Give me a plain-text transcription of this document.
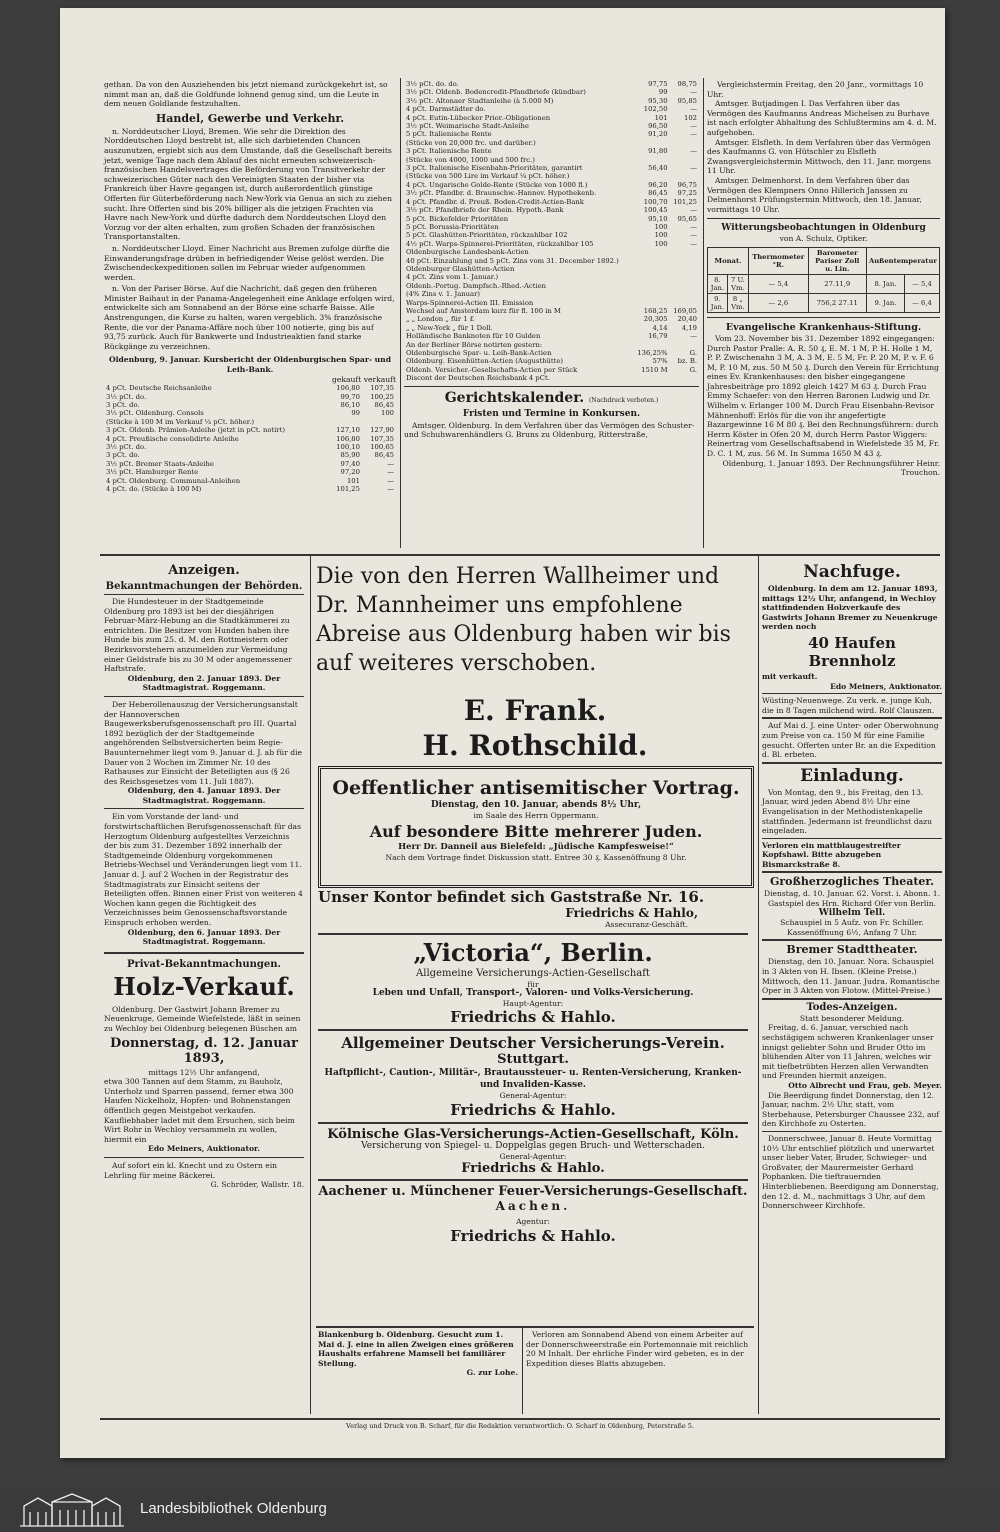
gethan. Da von den Ausziehenden bis jetzt niemand zurückgekehrt ist, so nimmt man an, daß die Goldfunde lohnend genug sind, um die Leute in dem neuen Goldlande festzuhalten.

Handel, Gewerbe und Verkehr.

n. Norddeutscher Lloyd, Bremen. Wie sehr die Direktion des Norddeutschen Lloyd bestrebt ist, alle sich darbietenden Chancen auszunutzen, ergiebt sich aus dem Umstande, daß die Gesellschaft bereits jetzt, wenige Tage nach dem Ablauf des nicht erneuten schweizerisch-französischen Handelsvertrages die Beförderung von Transitverkehr der schweizerischen Güter nach den Vereinigten Staaten der bisher via Frankreich über Havre gegangen ist, durch außerordentlich günstige Offerten für Güterbeförderung nach New-York via Genua an sich zu ziehen sucht. Ihre Offerten sind bis 20% billiger als die jetzigen Frachten via Havre nach New-York und dürfte dadurch dem Norddeutschen Lloyd den Vorzug vor der alten erhalten, zum großen Schaden der französischen Transportanstalten.

n. Norddeutscher Lloyd. Einer Nachricht aus Bremen zufolge dürfte die Einwanderungsfrage drüben in befriedigender Weise gelöst werden. Die Zwischendeckexpeditionen sollen im Februar wieder aufgenommen werden.

n. Von der Pariser Börse. Auf die Nachricht, daß gegen den früheren Minister Baihaut in der Panama-Angelegenheit eine Anklage erfolgen wird, entwickelte sich am Sonnabend an der Börse eine scharfe Baisse. Alle Anstrengungen, die Kurse zu halten, waren vergeblich. 3% französische Rente, die vor der Panama-Affäre noch über 100 notierte, ging bis auf 93,75 zurück. Auch für Bankwerte und Industrieaktien fand starke Rückgänge zu verzeichnen.

Oldenburg, 9. Januar. Kursbericht der Oldenburgischen Spar- und Leih-Bank.

gekauft verkauft

4 pCt. Deutsche Reichsanleihe	106,80	107,35
3½ pCt. do.	99,70	100,25
3 pCt. do.	86,10	86,45
3½ pCt. Oldenburg. Consols	99	100
(Stücke à 100 M im Verkauf ¼ pCt. höher.)		
3 pCt. Oldenb. Prämien-Anleihe (jetzt in pCt. notirt)	127,10	127,90
4 pCt. Preußische consolidirte Anleihe	106,80	107,35
3½ pCt. do.	100,10	100,65
3 pCt. do.	85,90	86,45
3½ pCt. Bremer Staats-Anleihe	97,40	—
3½ pCt. Hamburger Rente	97,20	—
4 pCt. Oldenburg. Communal-Anleihen	101	—
4 pCt. do. (Stücke à 100 M)	101,25	—
3½ pCt. do. do.	97,75	98,75
3½ pCt. Oldenb. Bodencredit-Pfandbriefe (kündbar)	99	—
3½ pCt. Altonaer Stadtanleihe (à 5.000 M)	95,30	95,85
4 pCt. Darmstädter do.	102,50	—
4 pCt. Eutin-Lübecker Prior.-Obligationen	101	102
3½ pCt. Weimarische Stadt-Anleihe	96,50	—
5 pCt. Italienische Rente	91,20	—
(Stücke von 20,000 frc. und darüber.)		
3 pCt. Italienische Rente	91,80	—
(Stücke von 4000, 1000 und 500 frc.)		
3 pCt. Italienische Eisenbahn-Prioritäten, garantirt	56,40	—
(Stücke von 500 Lire im Verkauf ¼ pCt. höher.)		
4 pCt. Ungarische Golde-Rente (Stücke von 1000 fl.)	96,20	96,75
3½ pCt. Pfandbr. d. Braunschw.-Hannov. Hypothekenb.	86,45	97,25
4 pCt. Pfandbr. d. Preuß. Boden-Credit-Actien-Bank	100,70	101,25
3½ pCt. Pfandbriefe der Rhein. Hypoth.-Bank	100,45	—
5 pCt. Bickefelder Prioritäten	95,10	95,65
5 pCt. Borussia-Prioritäten	100	—
5 pCt. Glashütten-Prioritäten, rückzahlbar 102	100	—
4½ pCt. Warps-Spinnerei-Prioritäten, rückzahlbar 105	100	—
Oldenburgische Landesbank-Actien		
40 pCt. Einzahlung und 5 pCt. Zins vom 31. December 1892.)		
Oldenburger Glashütten-Actien		
4 pCt. Zins vom 1. Januar.)		
Oldenb.-Portug. Dampfsch.-Rhed.-Actien		
(4% Zins v. 1. Januar)		
Warps-Spinnerei-Actien III. Emission		
Wechsel auf Amsterdam kurz für fl. 100 in M	168,25	169,05
„ „ London „ für 1 £	20,305	20,40
„ „ New-York „ für 1 Doll.	4,14	4,19
Holländische Banknoten für 10 Gulden	16,79	—
An der Berliner Börse notirten gestern:		
Oldenburgische Spar- u. Leih-Bank-Actien	136,25%	G.
Oldenburg. Eisenhütten-Actien (Augusthütte)	57%	bz. B.
Oldenb. Versicher.-Gesellschafts-Actien per Stück	1510 M	G.
Discont der Deutschen Reichsbank 4 pCt.		
Gerichtskalender. (Nachdruck verboten.)
Fristen und Termine in Konkursen.

Amtsger. Oldenburg. In dem Verfahren über das Vermögen des Schuster- und Schuhwarenhändlers G. Bruns zu Oldenburg, Ritterstraße,

Vergleichstermin Freitag, den 20 Janr., vormittags 10 Uhr.

Amtsger. Butjadingen I. Das Verfahren über das Vermögen des Kaufmanns Andreas Michelsen zu Burhave ist nach erfolgter Abhaltung des Schlußtermins am 4. d. M. aufgehoben.

Amtsger. Elsfleth. In dem Verfahren über das Vermögen des Kaufmanns G. von Hütschler zu Elsfleth Zwangsvergleichstermin Mittwoch, den 11. Janr. morgens 11 Uhr.

Amtsger. Delmenhorst. In dem Verfahren über das Vermögen des Klempners Onno Hillerich Janssen zu Delmenhorst Prüfungstermin Mittwoch, den 18. Januar, vormittags 10 Uhr.

Witterungsbeobachtungen in Oldenburg
von A. Schulz, Optiker.
Monat.		Thermometer °R.	Barometer Pariser Zoll u. Lin.	Außentemperatur	
8. Jan.	7 U. Vm.	— 5,4	27.11,9	8. Jan.	— 5,4
9. Jan.	8 „ Vm.	— 2,6	756,2 27.11	9. Jan.	— 6,4
Evangelische Krankenhaus-Stiftung.

Vom 23. November bis 31. Dezember 1892 eingegangen: Durch Pastor Pralle: A. R. 50 ₰, E. M. 1 M, P. H. Holle 1 M, P. P. Zwischenahn 3 M, A. 3 M, E. 5 M, Fr. P. 20 M, P. v. F. 6 M, P. 10 M, zus. 50 M 50 ₰. Durch den Verein für Errichtung eines Ev. Krankenhauses: den bisher eingegangene Jahresbeiträge pro 1892 gleich 1427 M 63 ₰. Durch Frau Emmy Schaefer: von den Herren Baronen Ludwig und Dr. Wilhelm v. Erlanger 100 M. Durch Frau Eisenbahn-Revisor Mähnenhoff: Erlös für die von ihr angefertigte Bazargewinne 16 M 80 ₰. Bei den Rechnungsführern: durch Herrn Köster in Ofen 20 M, durch Herrn Pastor Wiggers: Reinertrag vom Gesellschaftsabend in Wiefelstede 35 M, Fr. D. C. 1 M, zus. 56 M. In Summa 1650 M 43 ₰.

Oldenburg, 1. Januar 1893. Der Rechnungsführer Heinr. Trouchon.

Anzeigen.
Bekanntmachungen der Behörden.

Die Hundesteuer in der Stadtgemeinde Oldenburg pro 1893 ist bei der diesjährigen Februar-März-Hebung an die Stadtkämmerei zu entrichten. Die Besitzer von Hunden haben ihre Hunde bis zum 25. d. M. den Rottmeistern oder Bezirksvorstehern anzumelden zur Vermeidung einer Geldstrafe bis zu 30 M oder angemessener Haftstrafe.

Oldenburg, den 2. Januar 1893. Der Stadtmagistrat. Roggemann.

Der Heberollenauszug der Versicherungsanstalt der Hannoverschen Baugewerksberufsgenossenschaft pro III. Quartal 1892 bezüglich der der Stadtgemeinde angehörenden Selbstversicherten beim Regie-Bauunternehmer liegt vom 9. Januar d. J. ab für die Dauer von 2 Wochen im Zimmer Nr. 10 des Rathauses zur Einsicht der Beteiligten aus (§ 26 des Reichsgesetzes vom 11. Juli 1887).

Oldenburg, den 4. Januar 1893. Der Stadtmagistrat. Roggemann.

Ein vom Vorstande der land- und forstwirtschaftlichen Berufsgenossenschaft für das Herzogtum Oldenburg aufgestelltes Verzeichnis der bis zum 31. Dezember 1892 innerhalb der Stadtgemeinde Oldenburg vorgekommenen Betriebs-Wechsel und Veränderungen liegt vom 11. Januar d. J. auf 2 Wochen in der Registratur des Stadtmagistrats zur Einsicht seitens der Beteiligten offen. Binnen einer Frist von weiteren 4 Wochen kann gegen die Richtigkeit des Verzeichnisses beim Genossenschaftsvorstande Einspruch erhoben werden.

Oldenburg, den 6. Januar 1893. Der Stadtmagistrat. Roggemann.

Privat-Bekanntmachungen.
Holz-Verkauf.

Oldenburg. Der Gastwirt Johann Bremer zu Neuenkruge, Gemeinde Wiefelstede, läßt in seinen zu Wechloy bei Oldenburg belegenen Büschen am

Donnerstag, d. 12. Januar 1893,

mittags 12½ Uhr anfangend,

etwa 300 Tannen auf dem Stamm, zu Bauholz, Unterholz und Sparren passend, ferner etwa 300 Haufen Nickelholz, Hopfen- und Bohnenstangen öffentlich gegen Meistgebot verkaufen. Kaufliebhaber ladet mit dem Ersuchen, sich beim Wirt Rohr in Wechloy versammeln zu wollen, hiermit ein

Edo Meiners, Auktionator.

Auf sofort ein kl. Knecht und zu Ostern ein Lehrling für meine Bäckerei.

G. Schröder, Wallstr. 18.

Die von den Herren Wallheimer und Dr. Mannheimer uns empfohlene Abreise aus Oldenburg haben wir bis auf weiteres verschoben.
E. Frank.
H. Rothschild.
Oeffentlicher antisemitischer Vortrag.
Dienstag, den 10. Januar, abends 8½ Uhr,
im Saale des Herrn Oppermann.
Auf besondere Bitte mehrerer Juden.
Herr Dr. Danneil aus Bielefeld: „Jüdische Kampfesweise!“
Nach dem Vortrage findet Diskussion statt. Entree 30 ₰. Kassenöffnung 8 Uhr.
Unser Kontor befindet sich Gaststraße Nr. 16.
Friedrichs & Hahlo,
Assecuranz-Geschäft.
„Victoria“, Berlin.
Allgemeine Versicherungs-Actien-Gesellschaft
für
Leben und Unfall, Transport-, Valoren- und Volks-Versicherung.
Haupt-Agentur:
Friedrichs & Hahlo.
Allgemeiner Deutscher Versicherungs-Verein.
Stuttgart.
Haftpflicht-, Caution-, Militär-, Brautaussteuer- u. Renten-Versicherung, Kranken- und Invaliden-Kasse.
General-Agentur:
Friedrichs & Hahlo.
Kölnische Glas-Versicherungs-Actien-Gesellschaft, Köln.
Versicherung von Spiegel- u. Doppelglas gegen Bruch- und Wetterschaden.
General-Agentur:
Friedrichs & Hahlo.
Aachener u. Münchener Feuer-Versicherungs-Gesellschaft.
Aachen.
Agentur:
Friedrichs & Hahlo.

Blankenburg b. Oldenburg. Gesucht zum 1. Mai d. J. eine in allen Zweigen eines größeren Haushalts erfahrene Mamsell bei familiärer Stellung.

G. zur Lohe.

Verloren am Sonnabend Abend von einem Arbeiter auf der Donnerschweerstraße ein Portemonnaie mit reichlich 20 M Inhalt. Der ehrliche Finder wird gebeten, es in der Expedition dieses Blatts abzugeben.

Nachfuge.

Oldenburg. In dem am 12. Januar 1893, mittags 12½ Uhr, anfangend, in Wechloy stattfindenden Holzverkaufe des Gastwirts Johann Bremer zu Neuenkruge werden noch

40 Haufen Brennholz

mit verkauft.

Edo Meiners, Auktionator.

Wüsting-Neuenwege. Zu verk. e. junge Kuh, die in 8 Tagen milchend wird. Rolf Clauszen.

Auf Mai d. J. eine Unter- oder Oberwohnung zum Preise von ca. 150 M für eine Familie gesucht. Offerten unter Br. an die Expedition d. Bl. erbeten.

Einladung.

Von Montag, den 9., bis Freitag, den 13. Januar, wird jeden Abend 8½ Uhr eine Evangelisation in der Methodistenkapelle stattfinden. Jedermann ist freundlichst dazu eingeladen.

Verloren ein mattblaugestreifter Kopfshawl. Bitte abzugeben Bismarckstraße 8.

Großherzogliches Theater.

Dienstag, d. 10. Januar. 62. Vorst. i. Abonn. 1. Gastspiel des Hrn. Richard Ofer von Berlin.

Wilhelm Tell.

Schauspiel in 5 Aufz. von Fr. Schiller. Kassenöffnung 6½, Anfang 7 Uhr.

Bremer Stadttheater.

Dienstag, den 10. Januar. Nora. Schauspiel in 3 Akten von H. Ibsen. (Kleine Preise.) Mittwoch, den 11. Januar. Judra. Romantische Oper in 3 Akten von Flotow. (Mittel-Preise.)

Todes-Anzeigen.

Statt besonderer Meldung.

Freitag, d. 6. Januar, verschied nach sechstägigem schweren Krankenlager unser innigst geliebter Sohn und Bruder Otto im blühenden Alter von 11 Jahren, welches wir mit tiefbetrübten Herzen allen Verwandten und Freunden hiermit anzeigen.

Otto Albrecht und Frau, geb. Meyer.

Die Beerdigung findet Donnerstag, den 12. Januar, nachm. 2½ Uhr, statt, vom Sterbehause, Petersburger Chaussee 232, auf den Kirchhofe zu Osterten.

Donnerschwee, Januar 8. Heute Vormittag 10½ Uhr entschlief plötzlich und unerwartet unser lieber Vater, Bruder, Schwieger- und Großvater, der Maurermeister Gerhard Pophanken. Die tieftrauernden Hinterbliebenen. Beerdigung am Donnerstag, den 12. d. M., nachmittags 3 Uhr, auf dem Donnerschweer Kirchhofe.

Verlag und Druck von B. Scharf, für die Redaktion verantwortlich: O. Scharf in Oldenburg, Peterstraße 5.
Landesbibliothek Oldenburg
